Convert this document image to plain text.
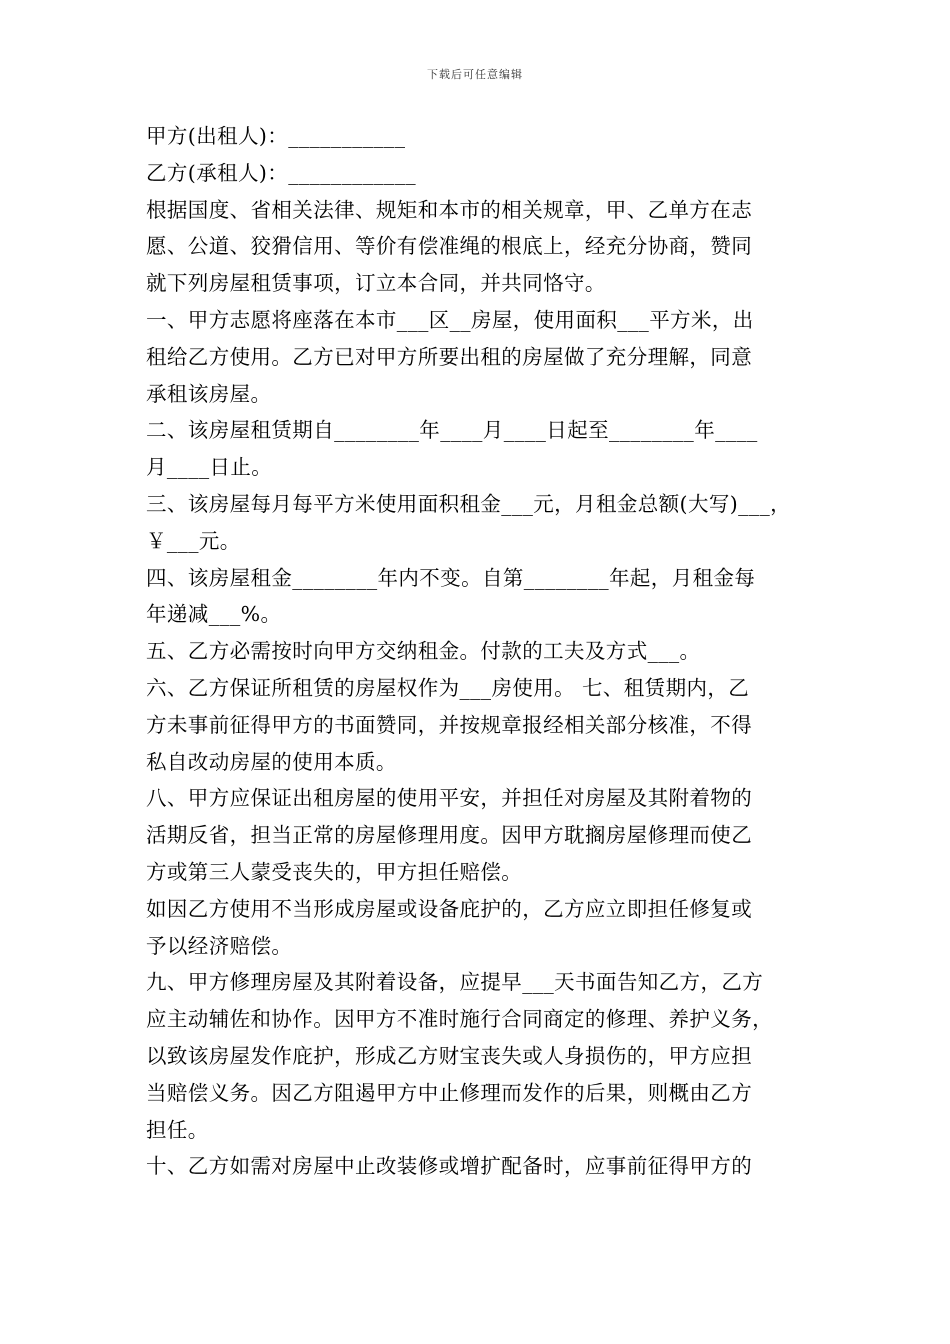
下载后可任意编辑
甲方(出租人)：___________
乙方(承租人)：____________
根据国度、省相关法律、规矩和本市的相关规章，甲、乙单方在志
愿、公道、狡猾信用、等价有偿准绳的根底上，经充分协商，赞同
就下列房屋租赁事项，订立本合同，并共同恪守。
一、甲方志愿将座落在本市___区__房屋，使用面积___平方米，出
租给乙方使用。乙方已对甲方所要出租的房屋做了充分理解，同意
承租该房屋。
二、该房屋租赁期自________年____月____日起至________年____
月____日止。
三、该房屋每月每平方米使用面积租金___元，月租金总额(大写)___，
￥___元。
四、该房屋租金________年内不变。自第________年起，月租金每
年递减___%。
五、乙方必需按时向甲方交纳租金。付款的工夫及方式___。
六、乙方保证所租赁的房屋权作为___房使用。 七、租赁期内，乙
方未事前征得甲方的书面赞同，并按规章报经相关部分核准，不得
私自改动房屋的使用本质。
八、甲方应保证出租房屋的使用平安，并担任对房屋及其附着物的
活期反省，担当正常的房屋修理用度。因甲方耽搁房屋修理而使乙
方或第三人蒙受丧失的，甲方担任赔偿。
如因乙方使用不当形成房屋或设备庇护的，乙方应立即担任修复或
予以经济赔偿。
九、甲方修理房屋及其附着设备，应提早___天书面告知乙方，乙方
应主动辅佐和协作。因甲方不准时施行合同商定的修理、养护义务，
以致该房屋发作庇护，形成乙方财宝丧失或人身损伤的，甲方应担
当赔偿义务。因乙方阻遏甲方中止修理而发作的后果，则概由乙方
担任。
十、乙方如需对房屋中止改装修或增扩配备时，应事前征得甲方的
